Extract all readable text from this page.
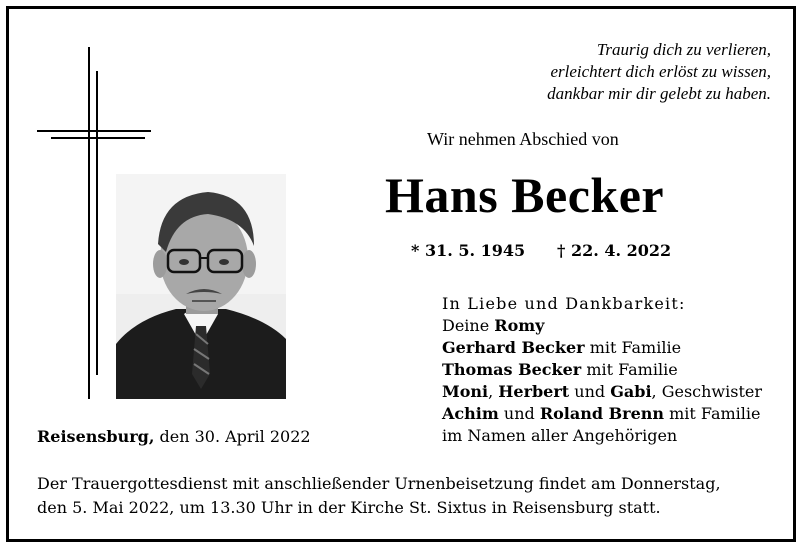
Traurig dich zu verlieren,
erleichtert dich erlöst zu wissen,
dankbar mir dir gelebt zu haben.
Wir nehmen Abschied von
Hans Becker
* 31. 5. 1945 † 22. 4. 2022
In Liebe und Dankbarkeit:
Deine Romy
Gerhard Becker mit Familie
Thomas Becker mit Familie
Moni, Herbert und Gabi, Geschwister
Achim und Roland Brenn mit Familie
im Namen aller Angehörigen
Reisensburg, den 30. April 2022
Der Trauergottesdienst mit anschließender Urnenbeisetzung findet am Donnerstag,
den 5. Mai 2022, um 13.30 Uhr in der Kirche St. Sixtus in Reisensburg statt.
